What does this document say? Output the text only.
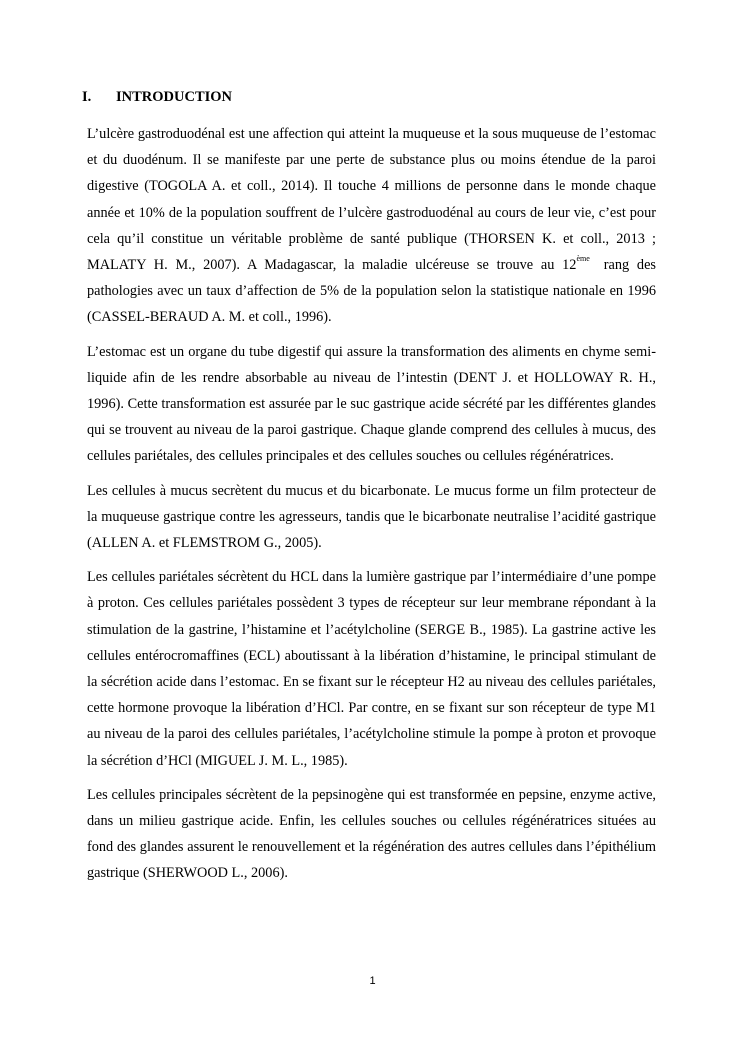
I. INTRODUCTION

L’ulcère gastroduodénal est une affection qui atteint la muqueuse et la sous muqueuse de l’estomac et du duodénum. Il se manifeste par une perte de substance plus ou moins étendue de la paroi digestive (TOGOLA A. et coll., 2014). Il touche 4 millions de personne dans le monde chaque année et 10% de la population souffrent de l’ulcère gastroduodénal au cours de leur vie, c’est pour cela qu’il constitue un véritable problème de santé publique (THORSEN K. et coll., 2013 ; MALATY H. M., 2007). A Madagascar, la maladie ulcéreuse se trouve au 12ème rang des pathologies avec un taux d’affection de 5% de la population selon la statistique nationale en 1996 (CASSEL-BERAUD A. M. et coll., 1996).

L’estomac est un organe du tube digestif qui assure la transformation des aliments en chyme semi-liquide afin de les rendre absorbable au niveau de l’intestin (DENT J. et HOLLOWAY R. H., 1996). Cette transformation est assurée par le suc gastrique acide sécrété par les différentes glandes qui se trouvent au niveau de la paroi gastrique. Chaque glande comprend des cellules à mucus, des cellules pariétales, des cellules principales et des cellules souches ou cellules régénératrices.

Les cellules à mucus secrètent du mucus et du bicarbonate. Le mucus forme un film protecteur de la muqueuse gastrique contre les agresseurs, tandis que le bicarbonate neutralise l’acidité gastrique (ALLEN A. et FLEMSTROM G., 2005).

Les cellules pariétales sécrètent du HCL dans la lumière gastrique par l’intermédiaire d’une pompe à proton. Ces cellules pariétales possèdent 3 types de récepteur sur leur membrane répondant à la stimulation de la gastrine, l’histamine et l’acétylcholine (SERGE B., 1985). La gastrine active les cellules entérocromaffines (ECL) aboutissant à la libération d’histamine, le principal stimulant de la sécrétion acide dans l’estomac. En se fixant sur le récepteur H2 au niveau des cellules pariétales, cette hormone provoque la libération d’HCl. Par contre, en se fixant sur son récepteur de type M1 au niveau de la paroi des cellules pariétales, l’acétylcholine stimule la pompe à proton et provoque la sécrétion d’HCl (MIGUEL J. M. L., 1985).

Les cellules principales sécrètent de la pepsinogène qui est transformée en pepsine, enzyme active, dans un milieu gastrique acide. Enfin, les cellules souches ou cellules régénératrices situées au fond des glandes assurent le renouvellement et la régénération des autres cellules dans l’épithélium gastrique (SHERWOOD L., 2006).

1
